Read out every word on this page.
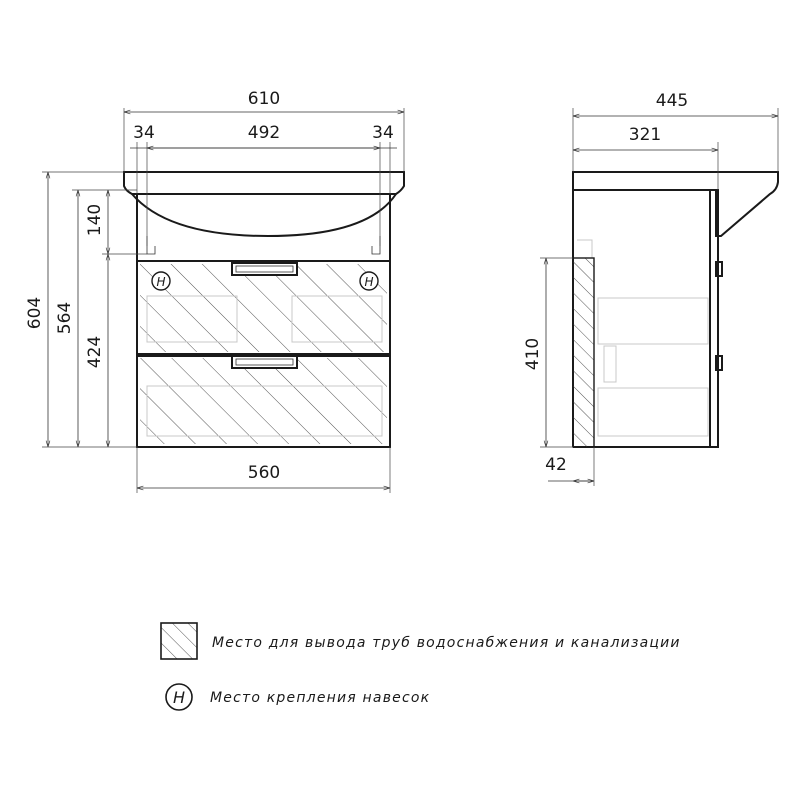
H	H
610
34	492	34
604 564
140
424
560
445
321
410
42
Место для вывода труб водоснабжения и канализации
H Место крепления навесок
